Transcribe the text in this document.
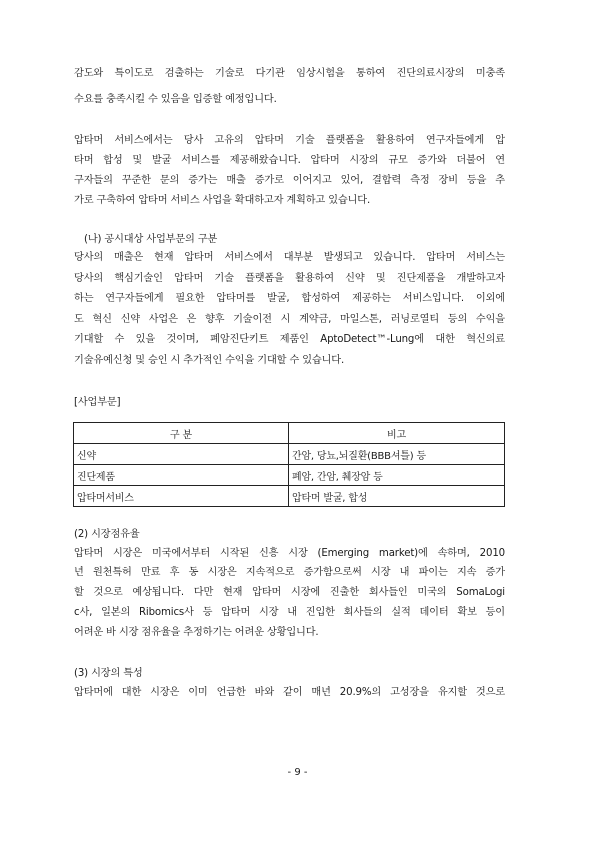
감도와 특이도로 검출하는 기술로 다기관 임상시험을 통하여 진단의료시장의 미충족
수요를 충족시킬 수 있음을 입증할 예정입니다.
압타머 서비스에서는 당사 고유의 압타머 기술 플랫폼을 활용하여 연구자들에게 압
타머 합성 및 발굴 서비스를 제공해왔습니다. 압타머 시장의 규모 증가와 더불어 연
구자들의 꾸준한 문의 증가는 매출 증가로 이어지고 있어, 결합력 측정 장비 등을 추
가로 구축하여 압타머 서비스 사업을 확대하고자 계획하고 있습니다.
(나) 공시대상 사업부문의 구분
당사의 매출은 현재 압타머 서비스에서 대부분 발생되고 있습니다. 압타머 서비스는
당사의 핵심기술인 압타머 기술 플랫폼을 활용하여 신약 및 진단제품을 개발하고자
하는 연구자들에게 필요한 압타머를 발굴, 합성하여 제공하는 서비스입니다. 이외에
도 혁신 신약 사업은 은 향후 기술이전 시 계약금, 마일스톤, 러닝로열티 등의 수익을
기대할 수 있을 것이며, 폐암진단키트 제품인 AptoDetect™-Lung에 대한 혁신의료
기술유예신청 및 승인 시 추가적인 수익을 기대할 수 있습니다.
[사업부문]
구 분	비고
신약	간암, 당뇨,뇌질환(BBB셔틀) 등
진단제품	폐암, 간암, 췌장암 등
압타머서비스	압타머 발굴, 합성
(2) 시장점유율
압타머 시장은 미국에서부터 시작된 신흥 시장 (Emerging market)에 속하며, 2010
년 원천특허 만료 후 동 시장은 지속적으로 증가함으로써 시장 내 파이는 지속 증가
할 것으로 예상됩니다. 다만 현재 압타머 시장에 진출한 회사들인 미국의 SomaLogi
c사, 일본의 Ribomics사 등 압타머 시장 내 진입한 회사들의 실적 데이터 확보 등이
어려운 바 시장 점유율을 추정하기는 어려운 상황입니다.
(3) 시장의 특성
압타머에 대한 시장은 이미 언급한 바와 같이 매년 20.9%의 고성장을 유지할 것으로
- 9 -
